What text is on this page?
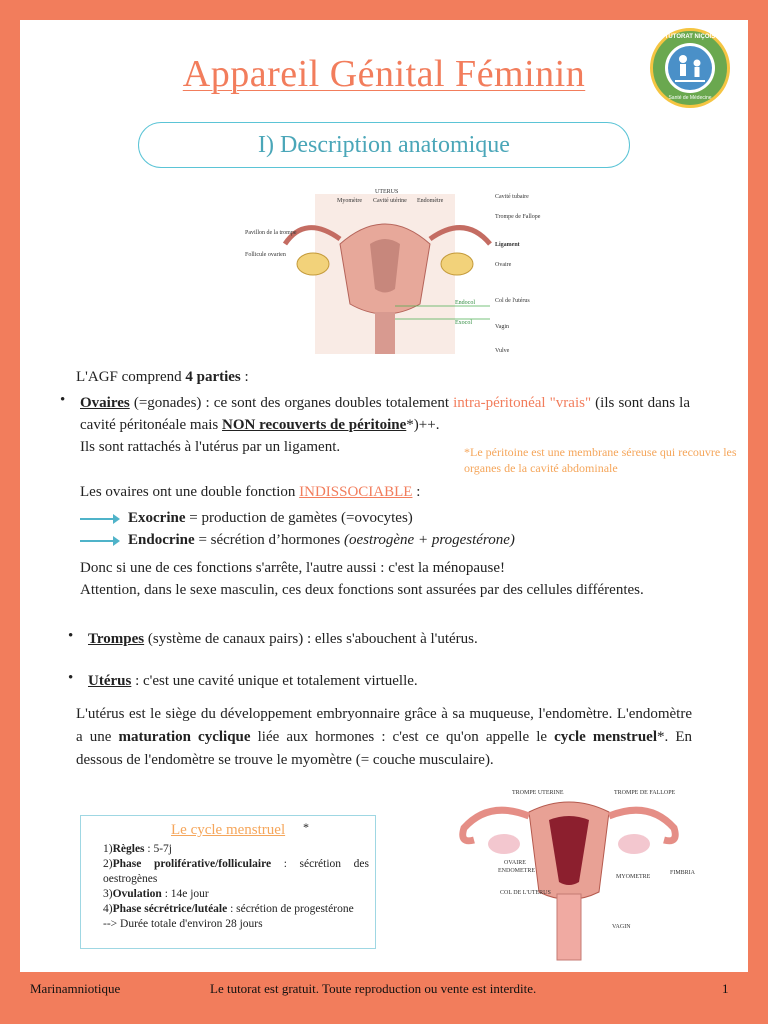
Appareil Génital Féminin
TUTORAT NIÇOIS
Santé de Médecine
I) Description anatomique
UTERUS
Myomètre Cavité utérine Endomètre
Cavité tubaire
Trompe de Fallope
Pavillon de la trompe
Follicule ovarien
Ligament
Ovaire
Endocol
Exocol
Col de l'utérus
Vagin
Vulve
L'AGF comprend 4 parties :
• Ovaires (=gonades) : ce sont des organes doubles totalement intra-péritonéal "vrais" (ils sont dans la cavité péritonéale mais NON recouverts de péritoine*)++.
Ils sont rattachés à l'utérus par un ligament.	*Le péritoine est une membrane séreuse qui recouvre les organes de la cavité abdominale
Les ovaires ont une double fonction INDISSOCIABLE :
Exocrine = production de gamètes (=ovocytes)
Endocrine = sécrétion d’hormones (oestrogène + progestérone)
Donc si une de ces fonctions s'arrête, l'autre aussi : c'est la ménopause!
Attention, dans le sexe masculin, ces deux fonctions sont assurées par des cellules différentes.
• Trompes (système de canaux pairs) : elles s'abouchent à l'utérus.
• Utérus : c'est une cavité unique et totalement virtuelle.
L'utérus est le siège du développement embryonnaire grâce à sa muqueuse, l'endomètre. L'endomètre a une maturation cyclique liée aux hormones : c'est ce qu'on appelle le cycle menstruel*. En dessous de l'endomètre se trouve le myomètre (= couche musculaire).
Le cycle menstruel *
1)Règles : 5-7j
2)Phase proliférative/folliculaire : sécrétion des oestrogènes
3)Ovulation : 14e jour
4)Phase sécrétrice/lutéale : sécrétion de progestérone
--> Durée totale d'environ 28 jours
TROMPE UTERINE	TROMPE DE FALLOPE
OVAIRE
ENDOMETRE
MYOMETRE
FIMBRIA
COL DE L'UTERUS
VAGIN
Marinamniotique	Le tutorat est gratuit. Toute reproduction ou vente est interdite.	1
